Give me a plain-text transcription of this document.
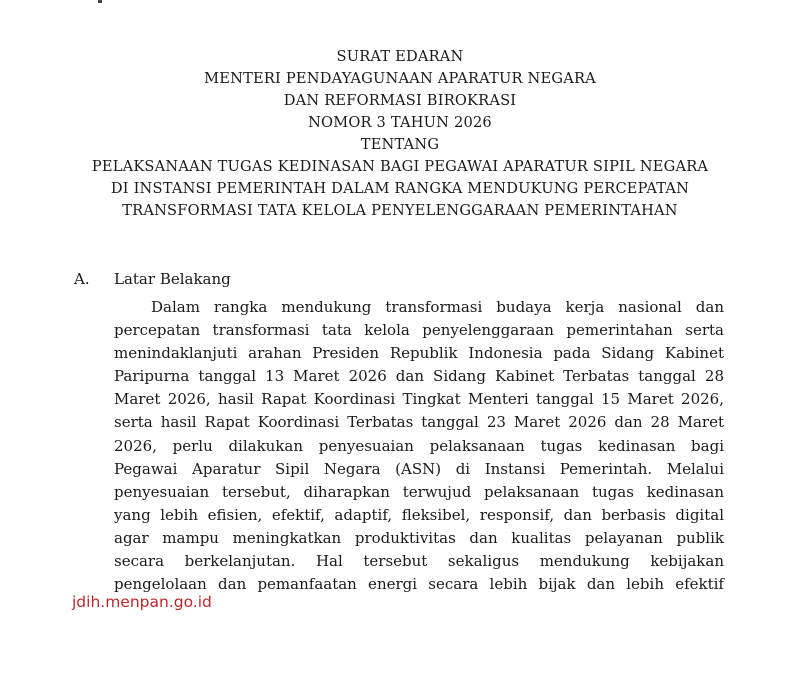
SURAT EDARAN
MENTERI PENDAYAGUNAAN APARATUR NEGARA
DAN REFORMASI BIROKRASI
NOMOR 3 TAHUN 2026
TENTANG
PELAKSANAAN TUGAS KEDINASAN BAGI PEGAWAI APARATUR SIPIL NEGARA
DI INSTANSI PEMERINTAH DALAM RANGKA MENDUKUNG PERCEPATAN
TRANSFORMASI TATA KELOLA PENYELENGGARAAN PEMERINTAHAN
A. Latar Belakang
Dalam rangka mendukung transformasi budaya kerja nasional dan
percepatan transformasi tata kelola penyelenggaraan pemerintahan serta
menindaklanjuti arahan Presiden Republik Indonesia pada Sidang Kabinet
Paripurna tanggal 13 Maret 2026 dan Sidang Kabinet Terbatas tanggal 28
Maret 2026, hasil Rapat Koordinasi Tingkat Menteri tanggal 15 Maret 2026,
serta hasil Rapat Koordinasi Terbatas tanggal 23 Maret 2026 dan 28 Maret
2026, perlu dilakukan penyesuaian pelaksanaan tugas kedinasan bagi
Pegawai Aparatur Sipil Negara (ASN) di Instansi Pemerintah. Melalui
penyesuaian tersebut, diharapkan terwujud pelaksanaan tugas kedinasan
yang lebih efisien, efektif, adaptif, fleksibel, responsif, dan berbasis digital
agar mampu meningkatkan produktivitas dan kualitas pelayanan publik
secara berkelanjutan. Hal tersebut sekaligus mendukung kebijakan
pengelolaan dan pemanfaatan energi secara lebih bijak dan lebih efektif
jdih.menpan.go.id
